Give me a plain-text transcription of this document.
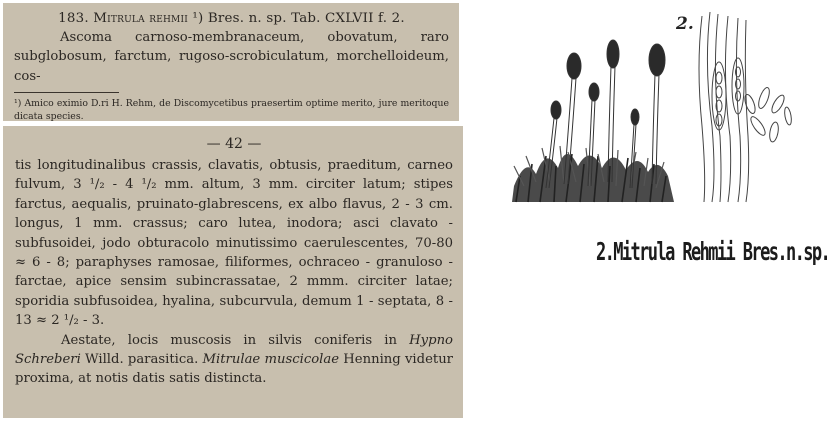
183. Mitrula rehmii ¹) Bres. n. sp. Tab. CXLVII f. 2.

Ascoma carnoso-membranaceum, obovatum, raro subglobosum, farctum, rugoso-scrobiculatum, morchelloideum, cos-

¹) Amico eximio D.ri H. Rehm, de Discomycetibus praesertim optime merito, jure meritoque dicata species.

— 42 —

tis longitudinalibus crassis, clavatis, obtusis, praeditum, carneo fulvum, 3 ¹/₂ - 4 ¹/₂ mm. altum, 3 mm. circiter latum; stipes farctus, aequalis, pruinato-glabrescens, ex albo flavus, 2 - 3 cm. longus, 1 mm. crassus; caro lutea, inodora; asci clavato - subfusoidei, jodo obturacolo minutissimo caerulescentes, 70-80 ≈ 6 - 8; paraphyses ramosae, filiformes, ochraceo - granuloso - farctae, apice sensim subincrassatae, 2 mmm. circiter latae; sporidia subfusoidea, hyalina, subcurvula, demum 1 - septata, 8 - 13 ≈ 2 ¹/₂ - 3.

Aestate, locis muscosis in silvis coniferis in Hypno Schreberi Willd. parasitica. Mitrulae muscicolae Henning videtur proxima, at notis datis satis distincta.

2.
2.Mitrula Rehmii Bres.n.sp.
